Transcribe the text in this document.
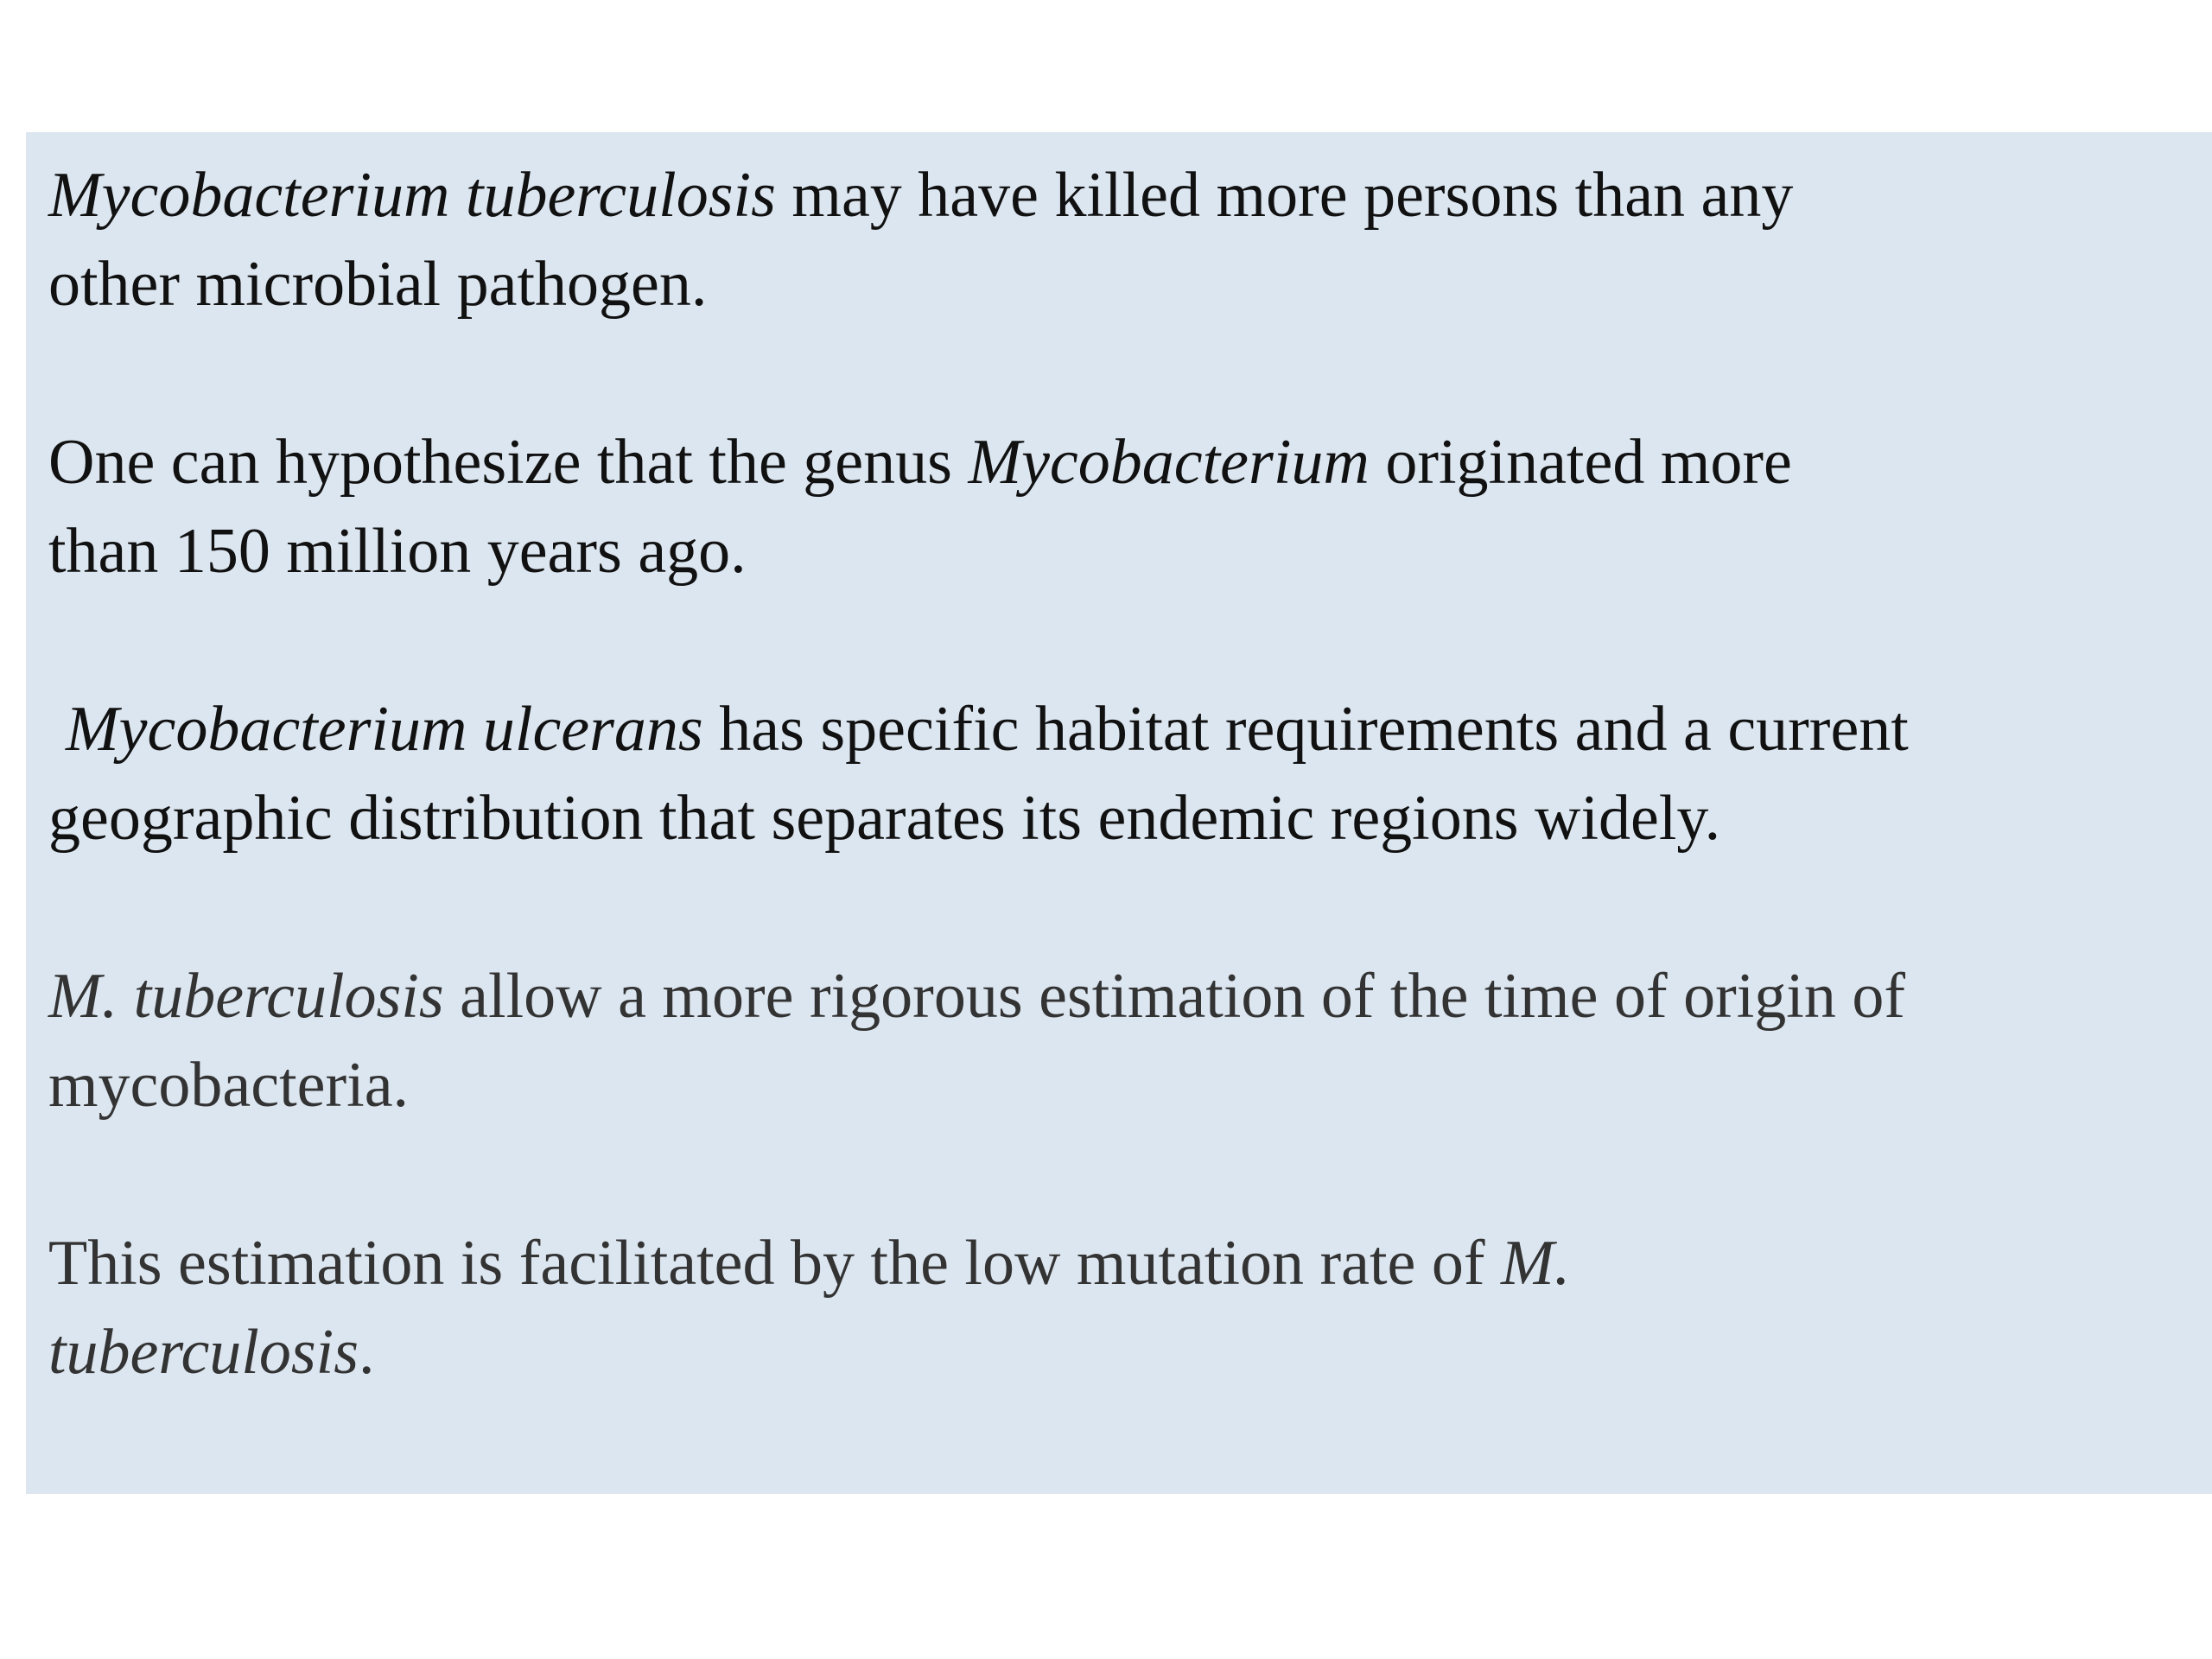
Mycobacterium tuberculosis may have killed more persons than any
other microbial pathogen.

One can hypothesize that the genus Mycobacterium originated more
than 150 million years ago.

Mycobacterium ulcerans has specific habitat requirements and a current
geographic distribution that separates its endemic regions widely.

M. tuberculosis allow a more rigorous estimation of the time of origin of
mycobacteria.

This estimation is facilitated by the low mutation rate of M.
tuberculosis.
